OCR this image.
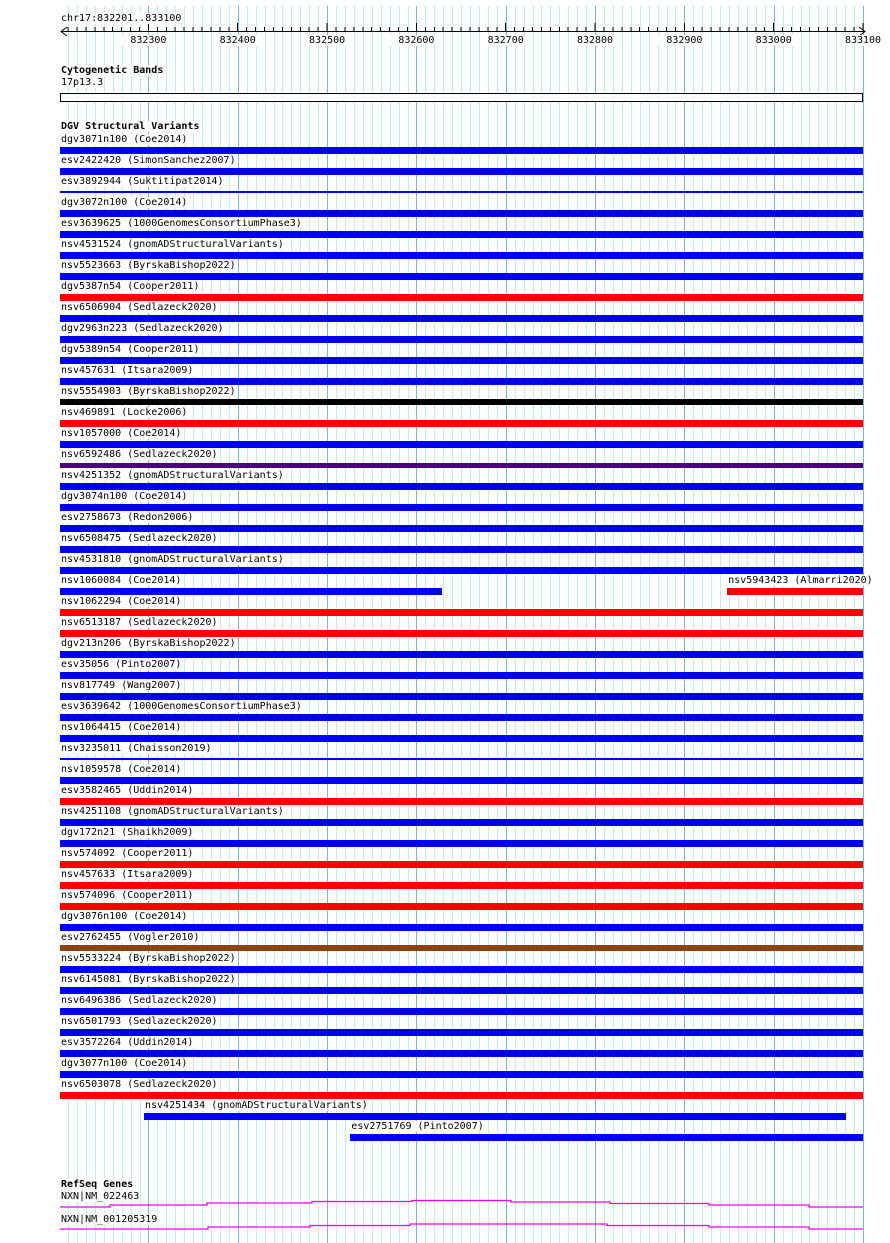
chr17:832201..833100
832300	832400	832500	832600	832700	832800	832900	833000	833100
Cytogenetic Bands
17p13.3
DGV Structural Variants
dgv3071n100 (Coe2014)
esv2422420 (SimonSanchez2007)
esv3892944 (Suktitipat2014)
dgv3072n100 (Coe2014)
esv3639625 (1000GenomesConsortiumPhase3)
nsv4531524 (gnomADStructuralVariants)
nsv5523663 (ByrskaBishop2022)
dgv5387n54 (Cooper2011)
nsv6506904 (Sedlazeck2020)
dgv2963n223 (Sedlazeck2020)
dgv5389n54 (Cooper2011)
nsv457631 (Itsara2009)
nsv5554903 (ByrskaBishop2022)
nsv469891 (Locke2006)
nsv1057000 (Coe2014)
nsv6592486 (Sedlazeck2020)
nsv4251352 (gnomADStructuralVariants)
dgv3074n100 (Coe2014)
esv2758673 (Redon2006)
nsv6508475 (Sedlazeck2020)
nsv4531810 (gnomADStructuralVariants)
nsv1060084 (Coe2014)	nsv5943423 (Almarri2020)
nsv1062294 (Coe2014)
nsv6513187 (Sedlazeck2020)
dgv213n206 (ByrskaBishop2022)
esv35056 (Pinto2007)
nsv817749 (Wang2007)
esv3639642 (1000GenomesConsortiumPhase3)
nsv1064415 (Coe2014)
nsv3235011 (Chaisson2019)
nsv1059578 (Coe2014)
esv3582465 (Uddin2014)
nsv4251108 (gnomADStructuralVariants)
dgv172n21 (Shaikh2009)
nsv574092 (Cooper2011)
nsv457633 (Itsara2009)
nsv574096 (Cooper2011)
dgv3076n100 (Coe2014)
esv2762455 (Vogler2010)
nsv5533224 (ByrskaBishop2022)
nsv6145081 (ByrskaBishop2022)
nsv6496386 (Sedlazeck2020)
nsv6501793 (Sedlazeck2020)
esv3572264 (Uddin2014)
dgv3077n100 (Coe2014)
nsv6503078 (Sedlazeck2020)
nsv4251434 (gnomADStructuralVariants)
esv2751769 (Pinto2007)
RefSeq Genes
NXN|NM_022463
NXN|NM_001205319
